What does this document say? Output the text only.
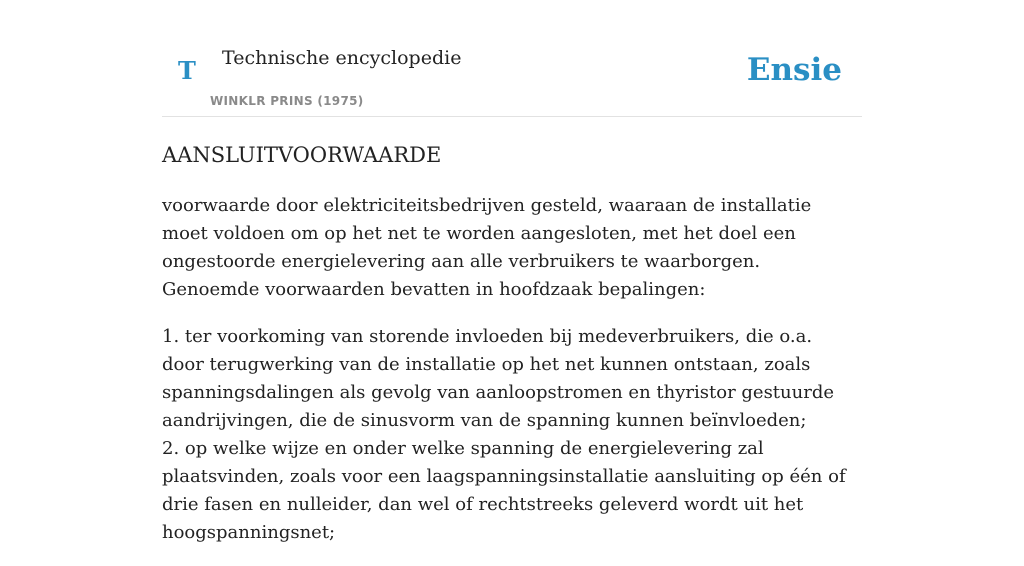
T Technische encyclopedie
WINKLR PRINS (1975)
Ensie
AANSLUITVOORWAARDE

voorwaarde door elektriciteitsbedrijven gesteld, waaraan de installatie moet voldoen om op het net te worden aangesloten, met het doel een ongestoorde energielevering aan alle verbruikers te waarborgen. Genoemde voorwaarden bevatten in hoofdzaak bepalingen:

1. ter voorkoming van storende invloeden bij medeverbruikers, die o.a. door terugwerking van de installatie op het net kunnen ontstaan, zoals spanningsdalingen als gevolg van aanloopstromen en thyristor gestuurde aandrijvingen, die de sinusvorm van de spanning kunnen beïnvloeden;
2. op welke wijze en onder welke spanning de energielevering zal plaatsvinden, zoals voor een laagspanningsinstallatie aansluiting op één of drie fasen en nulleider, dan wel of rechtstreeks geleverd wordt uit het hoogspanningsnet;
